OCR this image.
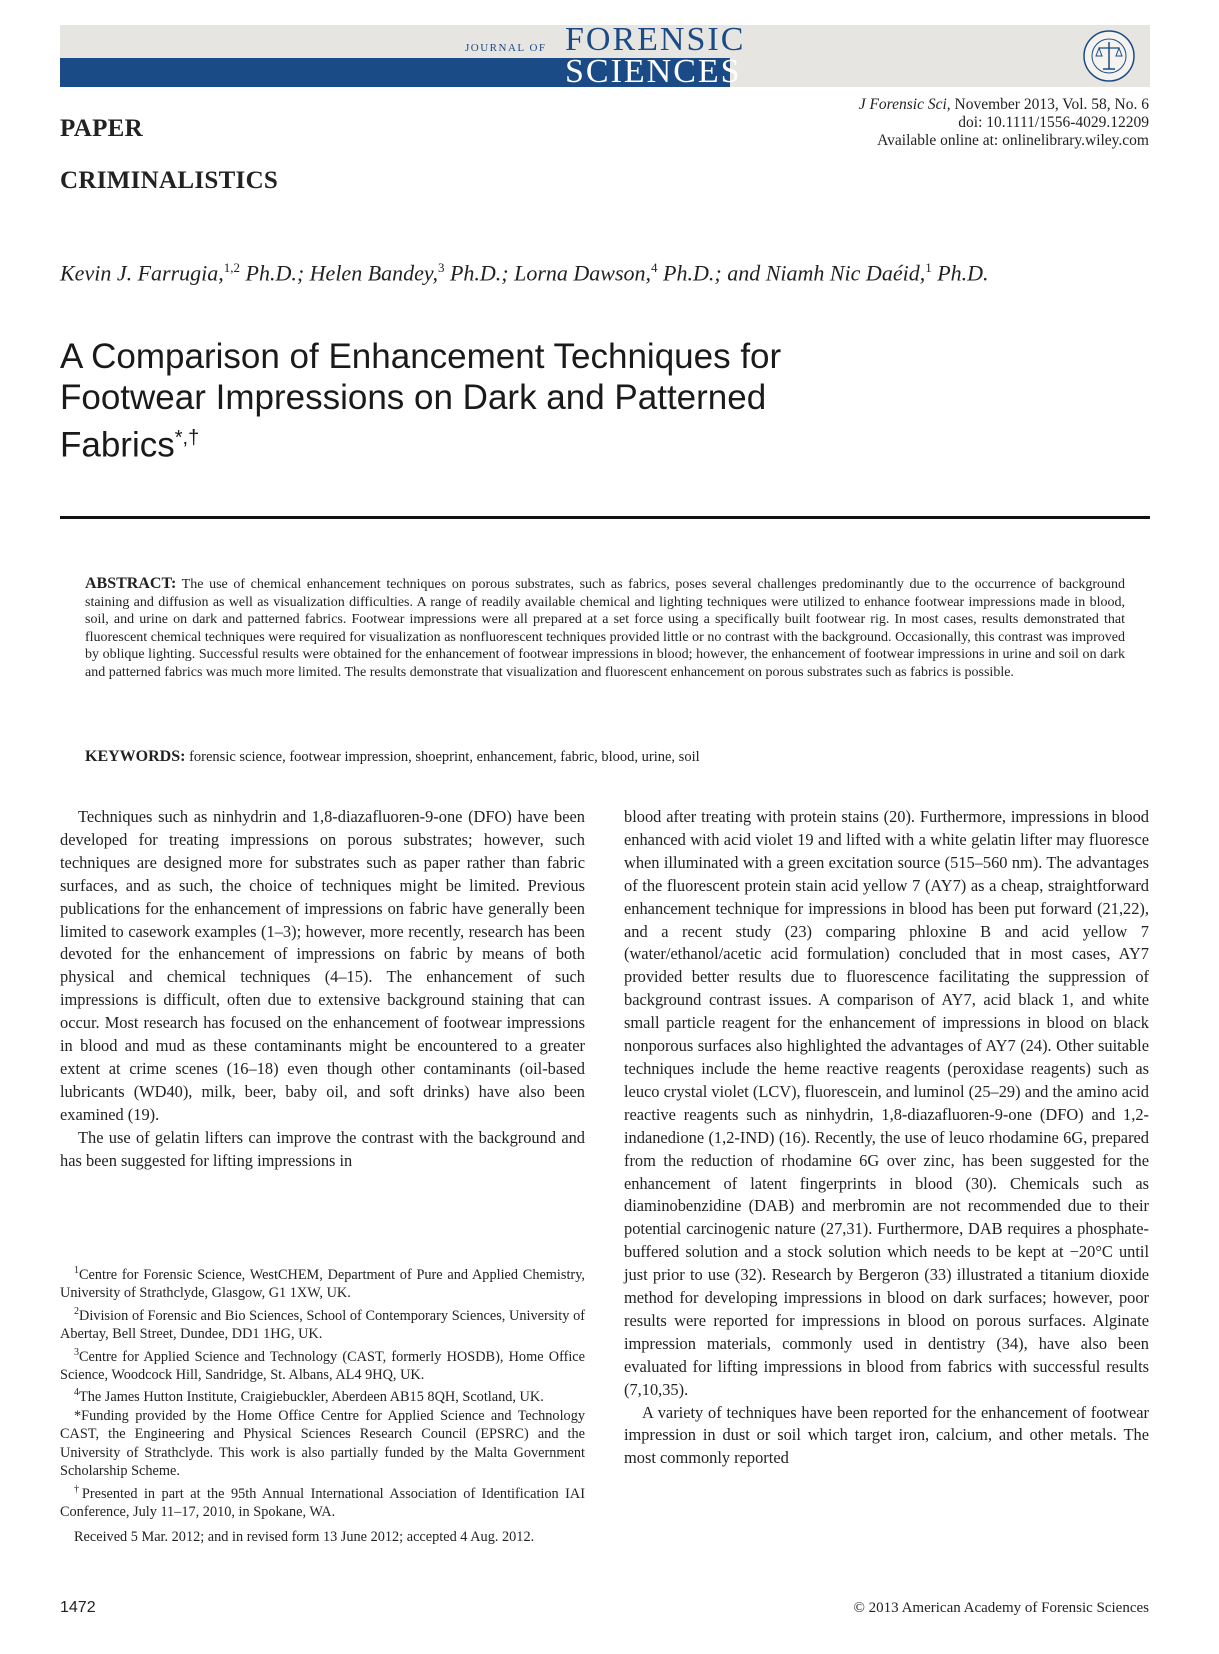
JOURNAL OF FORENSIC
SCIENCES
J Forensic Sci, November 2013, Vol. 58, No. 6
doi: 10.1111/1556-4029.12209
Available online at: onlinelibrary.wiley.com
PAPER
CRIMINALISTICS
Kevin J. Farrugia,$^{1,2}$ Ph.D.; Helen Bandey,$^3$ Ph.D.; Lorna Dawson,$^4$ Ph.D.; and Niamh Nic Daéid,$^1$ Ph.D.
A Comparison of Enhancement Techniques for
Footwear Impressions on Dark and Patterned
Fabrics*,†
ABSTRACT: The use of chemical enhancement techniques on porous substrates, such as fabrics, poses several challenges predominantly due to the occurrence of background staining and diffusion as well as visualization difficulties. A range of readily available chemical and lighting techniques were utilized to enhance footwear impressions made in blood, soil, and urine on dark and patterned fabrics. Footwear impressions were all prepared at a set force using a specifically built footwear rig. In most cases, results demonstrated that fluorescent chemical techniques were required for visualization as nonfluorescent techniques provided little or no contrast with the background. Occasionally, this contrast was improved by oblique lighting. Successful results were obtained for the enhancement of footwear impressions in blood; however, the enhancement of footwear impressions in urine and soil on dark and patterned fabrics was much more limited. The results demonstrate that visualization and fluorescent enhancement on porous substrates such as fabrics is possible.
KEYWORDS: forensic science, footwear impression, shoeprint, enhancement, fabric, blood, urine, soil

Techniques such as ninhydrin and 1,8-diazafluoren-9-one (DFO) have been developed for treating impressions on porous substrates; however, such techniques are designed more for substrates such as paper rather than fabric surfaces, and as such, the choice of techniques might be limited. Previous publications for the enhancement of impressions on fabric have generally been limited to casework examples (1–3); however, more recently, research has been devoted for the enhancement of impressions on fabric by means of both physical and chemical techniques (4–15). The enhancement of such impressions is difficult, often due to extensive background staining that can occur. Most research has focused on the enhancement of footwear impressions in blood and mud as these contaminants might be encountered to a greater extent at crime scenes (16–18) even though other contaminants (oil-based lubricants (WD40), milk, beer, baby oil, and soft drinks) have also been examined (19).

The use of gelatin lifters can improve the contrast with the background and has been suggested for lifting impressions in

blood after treating with protein stains (20). Furthermore, impressions in blood enhanced with acid violet 19 and lifted with a white gelatin lifter may fluoresce when illuminated with a green excitation source (515–560 nm). The advantages of the fluorescent protein stain acid yellow 7 (AY7) as a cheap, straightforward enhancement technique for impressions in blood has been put forward (21,22), and a recent study (23) comparing phloxine B and acid yellow 7 (water/ethanol/acetic acid formulation) concluded that in most cases, AY7 provided better results due to fluorescence facilitating the suppression of background contrast issues. A comparison of AY7, acid black 1, and white small particle reagent for the enhancement of impressions in blood on black nonporous surfaces also highlighted the advantages of AY7 (24). Other suitable techniques include the heme reactive reagents (peroxidase reagents) such as leuco crystal violet (LCV), fluorescein, and luminol (25–29) and the amino acid reactive reagents such as ninhydrin, 1,8-diazafluoren-9-one (DFO) and 1,2-indanedione (1,2-IND) (16). Recently, the use of leuco rhodamine 6G, prepared from the reduction of rhodamine 6G over zinc, has been suggested for the enhancement of latent fingerprints in blood (30). Chemicals such as diaminobenzidine (DAB) and merbromin are not recommended due to their potential carcinogenic nature (27,31). Furthermore, DAB requires a phosphate-buffered solution and a stock solution which needs to be kept at −20°C until just prior to use (32). Research by Bergeron (33) illustrated a titanium dioxide method for developing impressions in blood on dark surfaces; however, poor results were reported for impressions in blood on porous surfaces. Alginate impression materials, commonly used in dentistry (34), have also been evaluated for lifting impressions in blood from fabrics with successful results (7,10,35).

A variety of techniques have been reported for the enhancement of footwear impression in dust or soil which target iron, calcium, and other metals. The most commonly reported

$^1$Centre for Forensic Science, WestCHEM, Department of Pure and Applied Chemistry, University of Strathclyde, Glasgow, G1 1XW, UK.

$^2$Division of Forensic and Bio Sciences, School of Contemporary Sciences, University of Abertay, Bell Street, Dundee, DD1 1HG, UK.

$^3$Centre for Applied Science and Technology (CAST, formerly HOSDB), Home Office Science, Woodcock Hill, Sandridge, St. Albans, AL4 9HQ, UK.

$^4$The James Hutton Institute, Craigiebuckler, Aberdeen AB15 8QH, Scotland, UK.

*Funding provided by the Home Office Centre for Applied Science and Technology CAST, the Engineering and Physical Sciences Research Council (EPSRC) and the University of Strathclyde. This work is also partially funded by the Malta Government Scholarship Scheme.

†Presented in part at the 95th Annual International Association of Identification IAI Conference, July 11–17, 2010, in Spokane, WA.

Received 5 Mar. 2012; and in revised form 13 June 2012; accepted 4 Aug. 2012.

1472	© 2013 American Academy of Forensic Sciences
